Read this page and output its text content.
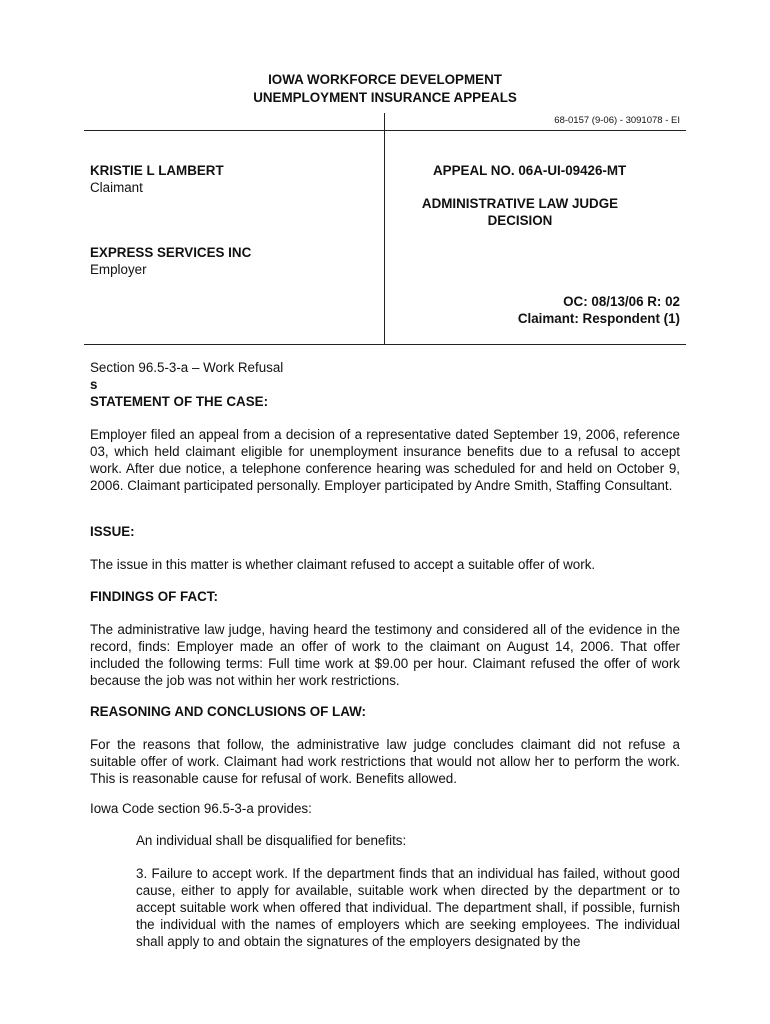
IOWA WORKFORCE DEVELOPMENT
UNEMPLOYMENT INSURANCE APPEALS
68-0157 (9-06) - 3091078 - EI
KRISTIE L LAMBERT
Claimant
EXPRESS SERVICES INC
Employer
APPEAL NO. 06A-UI-09426-MT
ADMINISTRATIVE LAW JUDGE
DECISION
OC: 08/13/06 R: 02
Claimant: Respondent (1)
Section 96.5-3-a – Work Refusal
s
STATEMENT OF THE CASE:
Employer filed an appeal from a decision of a representative dated September 19, 2006, reference 03, which held claimant eligible for unemployment insurance benefits due to a refusal to accept work. After due notice, a telephone conference hearing was scheduled for and held on October 9, 2006. Claimant participated personally. Employer participated by Andre Smith, Staffing Consultant.
ISSUE:
The issue in this matter is whether claimant refused to accept a suitable offer of work.
FINDINGS OF FACT:
The administrative law judge, having heard the testimony and considered all of the evidence in the record, finds: Employer made an offer of work to the claimant on August 14, 2006. That offer included the following terms: Full time work at $9.00 per hour. Claimant refused the offer of work because the job was not within her work restrictions.
REASONING AND CONCLUSIONS OF LAW:
For the reasons that follow, the administrative law judge concludes claimant did not refuse a suitable offer of work. Claimant had work restrictions that would not allow her to perform the work. This is reasonable cause for refusal of work. Benefits allowed.
Iowa Code section 96.5-3-a provides:
An individual shall be disqualified for benefits:
3. Failure to accept work. If the department finds that an individual has failed, without good cause, either to apply for available, suitable work when directed by the department or to accept suitable work when offered that individual. The department shall, if possible, furnish the individual with the names of employers which are seeking employees. The individual shall apply to and obtain the signatures of the employers designated by the
